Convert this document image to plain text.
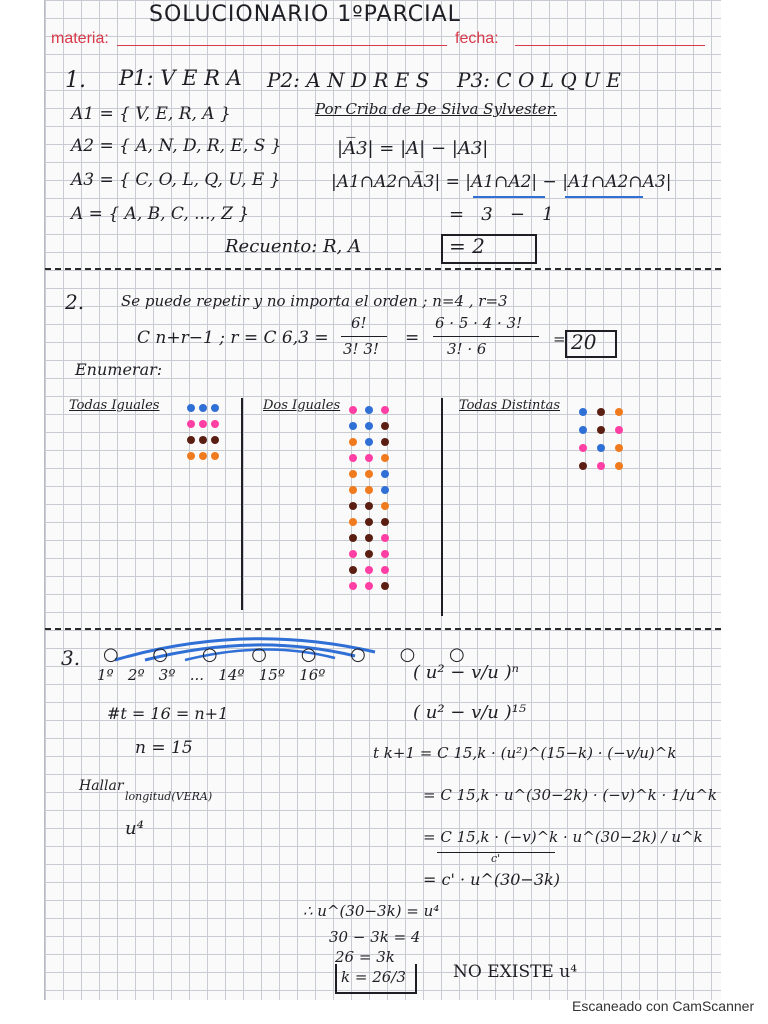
SOLUCIONARIO 1ºPARCIAL
materia:	fecha:
1. P1: V E R A P2: A N D R E S P3: C O L Q U E
A1 = { V, E, R, A }
A2 = { A, N, D, R, E, S }
A3 = { C, O, L, Q, U, E }
A = { A, B, C, ..., Z }
Por Criba de De Silva Sylvester.
|A̅3| = |A| − |A3|
|A1∩A2∩A̅3| = |A1∩A2| − |A1∩A2∩A3|
=   3   −   1
Recuento: R, A	= 2
2. Se puede repetir y no importa el orden ; n=4 , r=3
C n+r−1 ; r = C 6,3 =
6!
3! 3!
=
6 · 5 · 4 · 3!
3! · 6
= 20
Enumerar:
Todas Iguales	Dos Iguales	Todas Distintas
3. ○ ○ ○ ○ ○ ○ ○ ○
1º   2º   3º   ...   14º   15º   16º	( u² − v/u )ⁿ
( u² − v/u )¹⁵
#t = 16 = n+1
n = 15
Hallar
longitud(VERA)
u⁴
t k+1 = C 15,k · (u²)^(15−k) · (−v/u)^k
= C 15,k · u^(30−2k) · (−v)^k · 1/u^k
= C 15,k · (−v)^k · u^(30−2k) / u^k
c'
= c' · u^(30−3k)
∴ u^(30−3k) = u⁴
30 − 3k = 4
26 = 3k
k = 26/3	NO EXISTE u⁴
Escaneado con CamScanner
